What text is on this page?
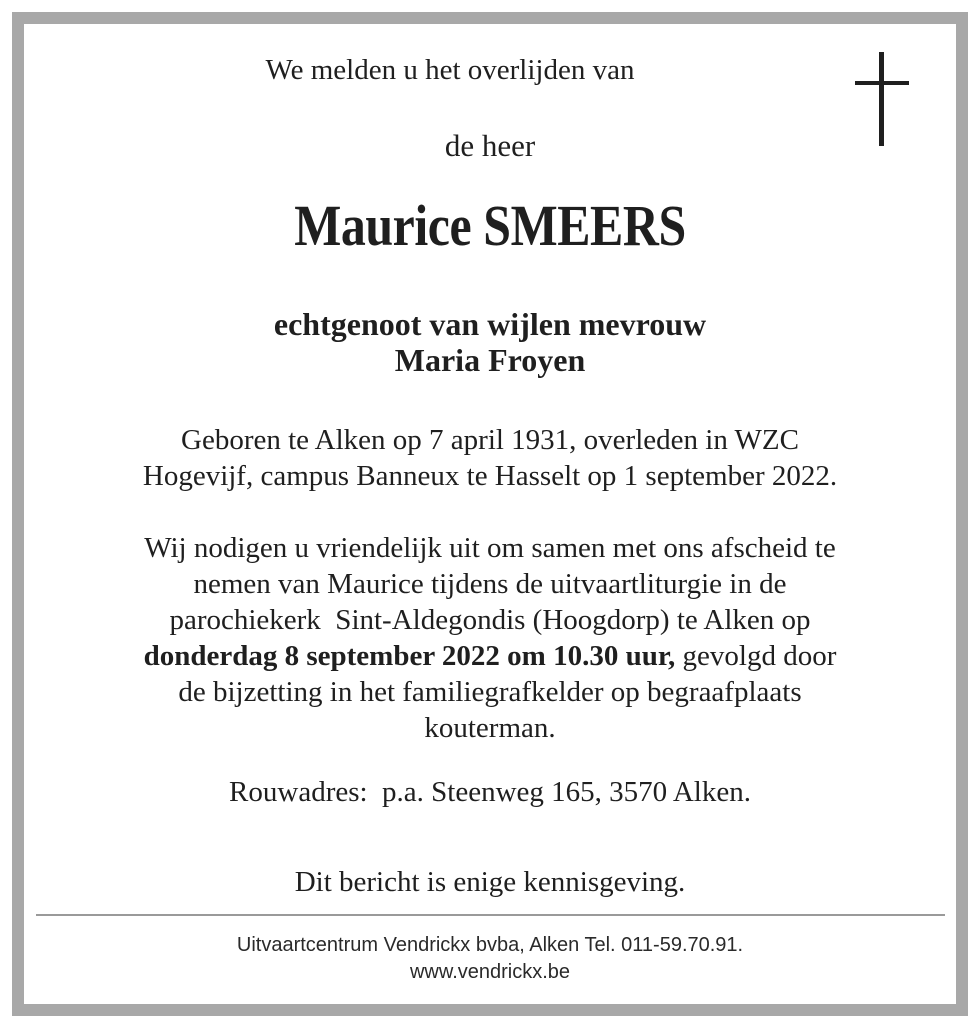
We melden u het overlijden van
de heer
Maurice SMEERS
echtgenoot van wijlen mevrouw
Maria Froyen
Geboren te Alken op 7 april 1931, overleden in WZC
Hogevijf, campus Banneux te Hasselt op 1 september 2022.
Wij nodigen u vriendelijk uit om samen met ons afscheid te
nemen van Maurice tijdens de uitvaartliturgie in de
parochiekerk  Sint-Aldegondis (Hoogdorp) te Alken op
donderdag 8 september 2022 om 10.30 uur, gevolgd door
de bijzetting in het familiegrafkelder op begraafplaats
kouterman.
Rouwadres:  p.a. Steenweg 165, 3570 Alken.
Dit bericht is enige kennisgeving.
Uitvaartcentrum Vendrickx bvba, Alken Tel. 011-59.70.91.
www.vendrickx.be
